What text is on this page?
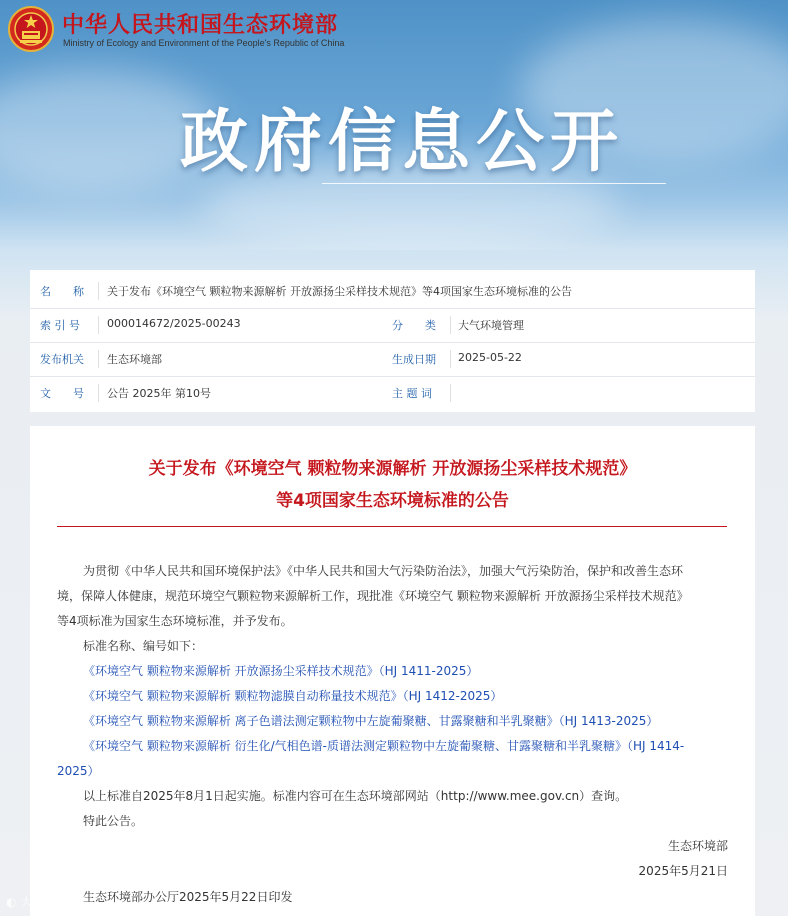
中华人民共和国生态环境部
Ministry of Ecology and Environment of the People's Republic of China
政府信息公开
名　　称 关于发布《环境空气 颗粒物来源解析 开放源扬尘采样技术规范》等4项国家生态环境标准的公告
索 引 号 000014672/2025-00243	分　　类 大气环境管理
发布机关 生态环境部	生成日期 2025-05-22
文　　号 公告 2025年 第10号	主 题 词
关于发布《环境空气 颗粒物来源解析 开放源扬尘采样技术规范》
等4项国家生态环境标准的公告
为贯彻《中华人民共和国环境保护法》《中华人民共和国大气污染防治法》，加强大气污染防治，保护和改善生态环
境，保障人体健康，规范环境空气颗粒物来源解析工作，现批准《环境空气 颗粒物来源解析 开放源扬尘采样技术规范》
等4项标准为国家生态环境标准，并予发布。
标准名称、编号如下：
《环境空气 颗粒物来源解析 开放源扬尘采样技术规范》（HJ 1411-2025）
《环境空气 颗粒物来源解析 颗粒物滤膜自动称量技术规范》（HJ 1412-2025）
《环境空气 颗粒物来源解析 离子色谱法测定颗粒物中左旋葡聚糖、甘露聚糖和半乳聚糖》（HJ 1413-2025）
《环境空气 颗粒物来源解析 衍生化/气相色谱-质谱法测定颗粒物中左旋葡聚糖、甘露聚糖和半乳聚糖》（HJ 1414-
2025）
以上标准自2025年8月1日起实施。标准内容可在生态环境部网站（http://www.mee.gov.cn）查询。
特此公告。
生态环境部
2025年5月21日
生态环境部办公厅2025年5月22日印发
◐ 大欧新闻
